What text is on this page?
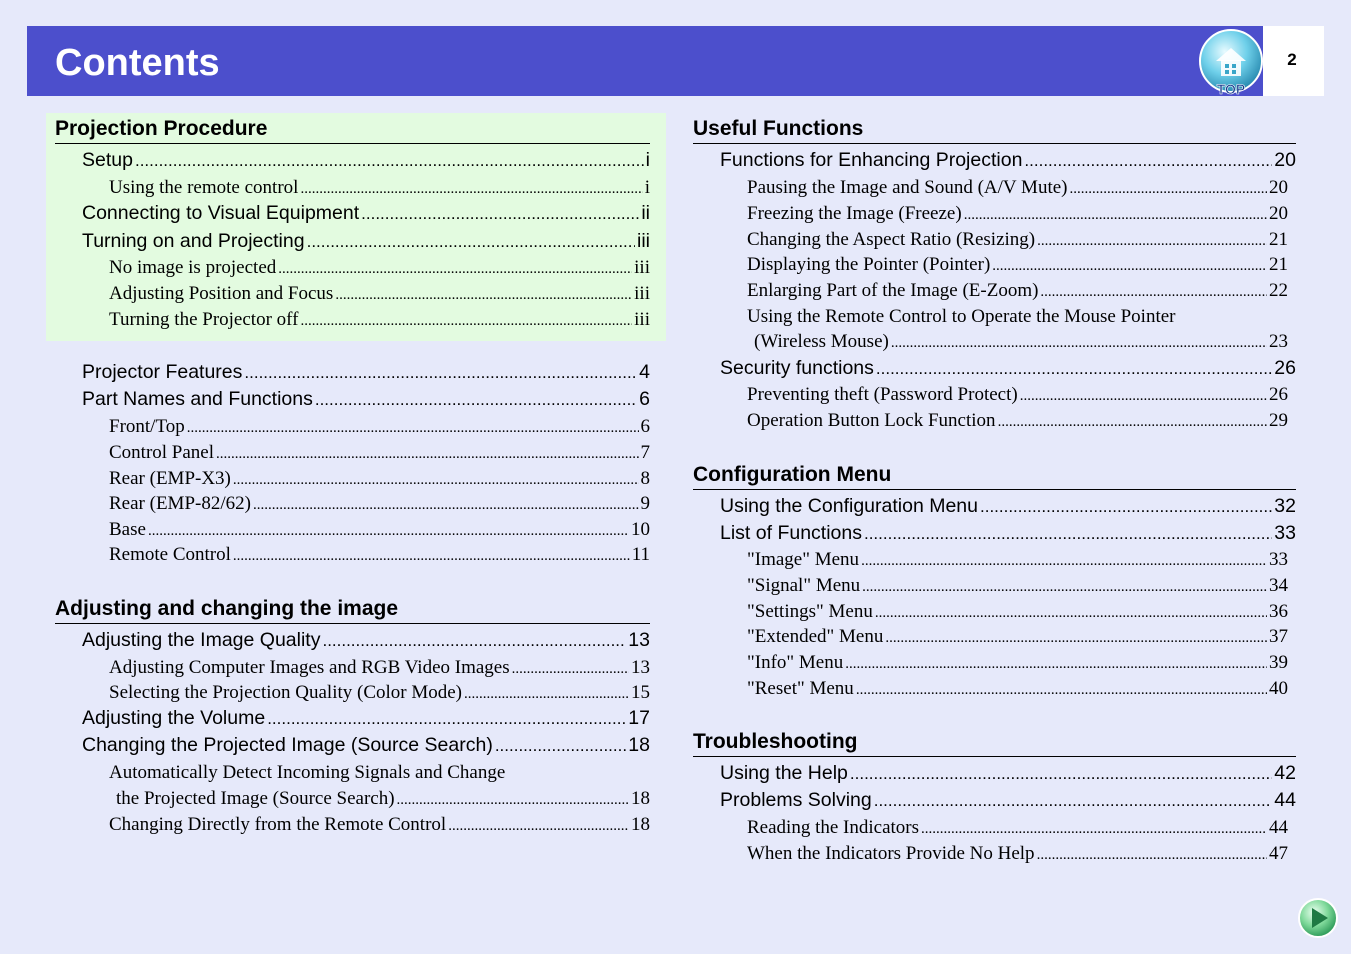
Contents	2
TOP
Projection Procedure
Setup .....	i
Using the remote control .....	i
Connecting to Visual Equipment .....	ii
Turning on and Projecting .....	iii
No image is projected .....	iii
Adjusting Position and Focus .....	iii
Turning the Projector off .....	iii
Projector Features .....	4
Part Names and Functions .....	6
Front/Top .....	6
Control Panel .....	7
Rear (EMP-X3) .....	8
Rear (EMP-82/62) .....	9
Base .....	10
Remote Control .....	11
Adjusting and changing the image
Adjusting the Image Quality .....	13
Adjusting Computer Images and RGB Video Images .....	13
Selecting the Projection Quality (Color Mode) .....	15
Adjusting the Volume .....	17
Changing the Projected Image (Source Search) .....	18
Automatically Detect Incoming Signals and Change
the Projected Image (Source Search) .....	18
Changing Directly from the Remote Control .....	18
Useful Functions
Functions for Enhancing Projection .....	20
Pausing the Image and Sound (A/V Mute) .....	20
Freezing the Image (Freeze) .....	20
Changing the Aspect Ratio (Resizing) .....	21
Displaying the Pointer (Pointer) .....	21
Enlarging Part of the Image (E-Zoom) .....	22
Using the Remote Control to Operate the Mouse Pointer
(Wireless Mouse) .....	23
Security functions .....	26
Preventing theft (Password Protect) .....	26
Operation Button Lock Function .....	29
Configuration Menu
Using the Configuration Menu .....	32
List of Functions .....	33
"Image" Menu .....	33
"Signal" Menu .....	34
"Settings" Menu .....	36
"Extended" Menu .....	37
"Info" Menu .....	39
"Reset" Menu .....	40
Troubleshooting
Using the Help .....	42
Problems Solving .....	44
Reading the Indicators .....	44
When the Indicators Provide No Help .....	47
